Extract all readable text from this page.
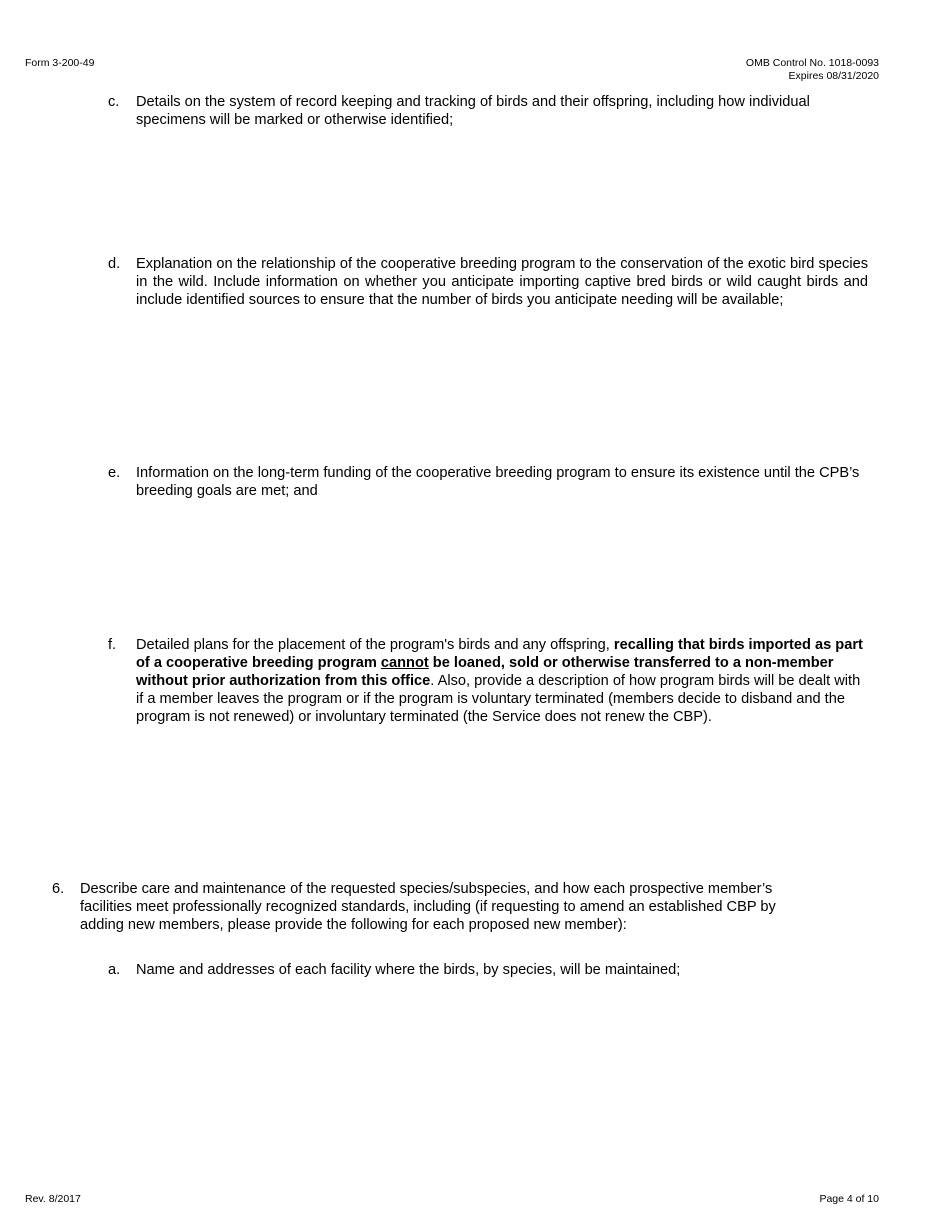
Form 3-200-49	OMB Control No. 1018-0093
Expires 08/31/2020
c. Details on the system of record keeping and tracking of birds and their offspring, including how individual specimens will be marked or otherwise identified;
d. Explanation on the relationship of the cooperative breeding program to the conservation of the exotic bird species in the wild. Include information on whether you anticipate importing captive bred birds or wild caught birds and include identified sources to ensure that the number of birds you anticipate needing will be available;
e. Information on the long-term funding of the cooperative breeding program to ensure its existence until the CPB’s breeding goals are met; and
f. Detailed plans for the placement of the program's birds and any offspring, recalling that birds imported as part of a cooperative breeding program cannot be loaned, sold or otherwise transferred to a non-member without prior authorization from this office. Also, provide a description of how program birds will be dealt with if a member leaves the program or if the program is voluntary terminated (members decide to disband and the program is not renewed) or involuntary terminated (the Service does not renew the CBP).
6. Describe care and maintenance of the requested species/subspecies, and how each prospective member’s facilities meet professionally recognized standards, including (if requesting to amend an established CBP by adding new members, please provide the following for each proposed new member):
a. Name and addresses of each facility where the birds, by species, will be maintained;
Rev. 8/2017	Page 4 of 10
